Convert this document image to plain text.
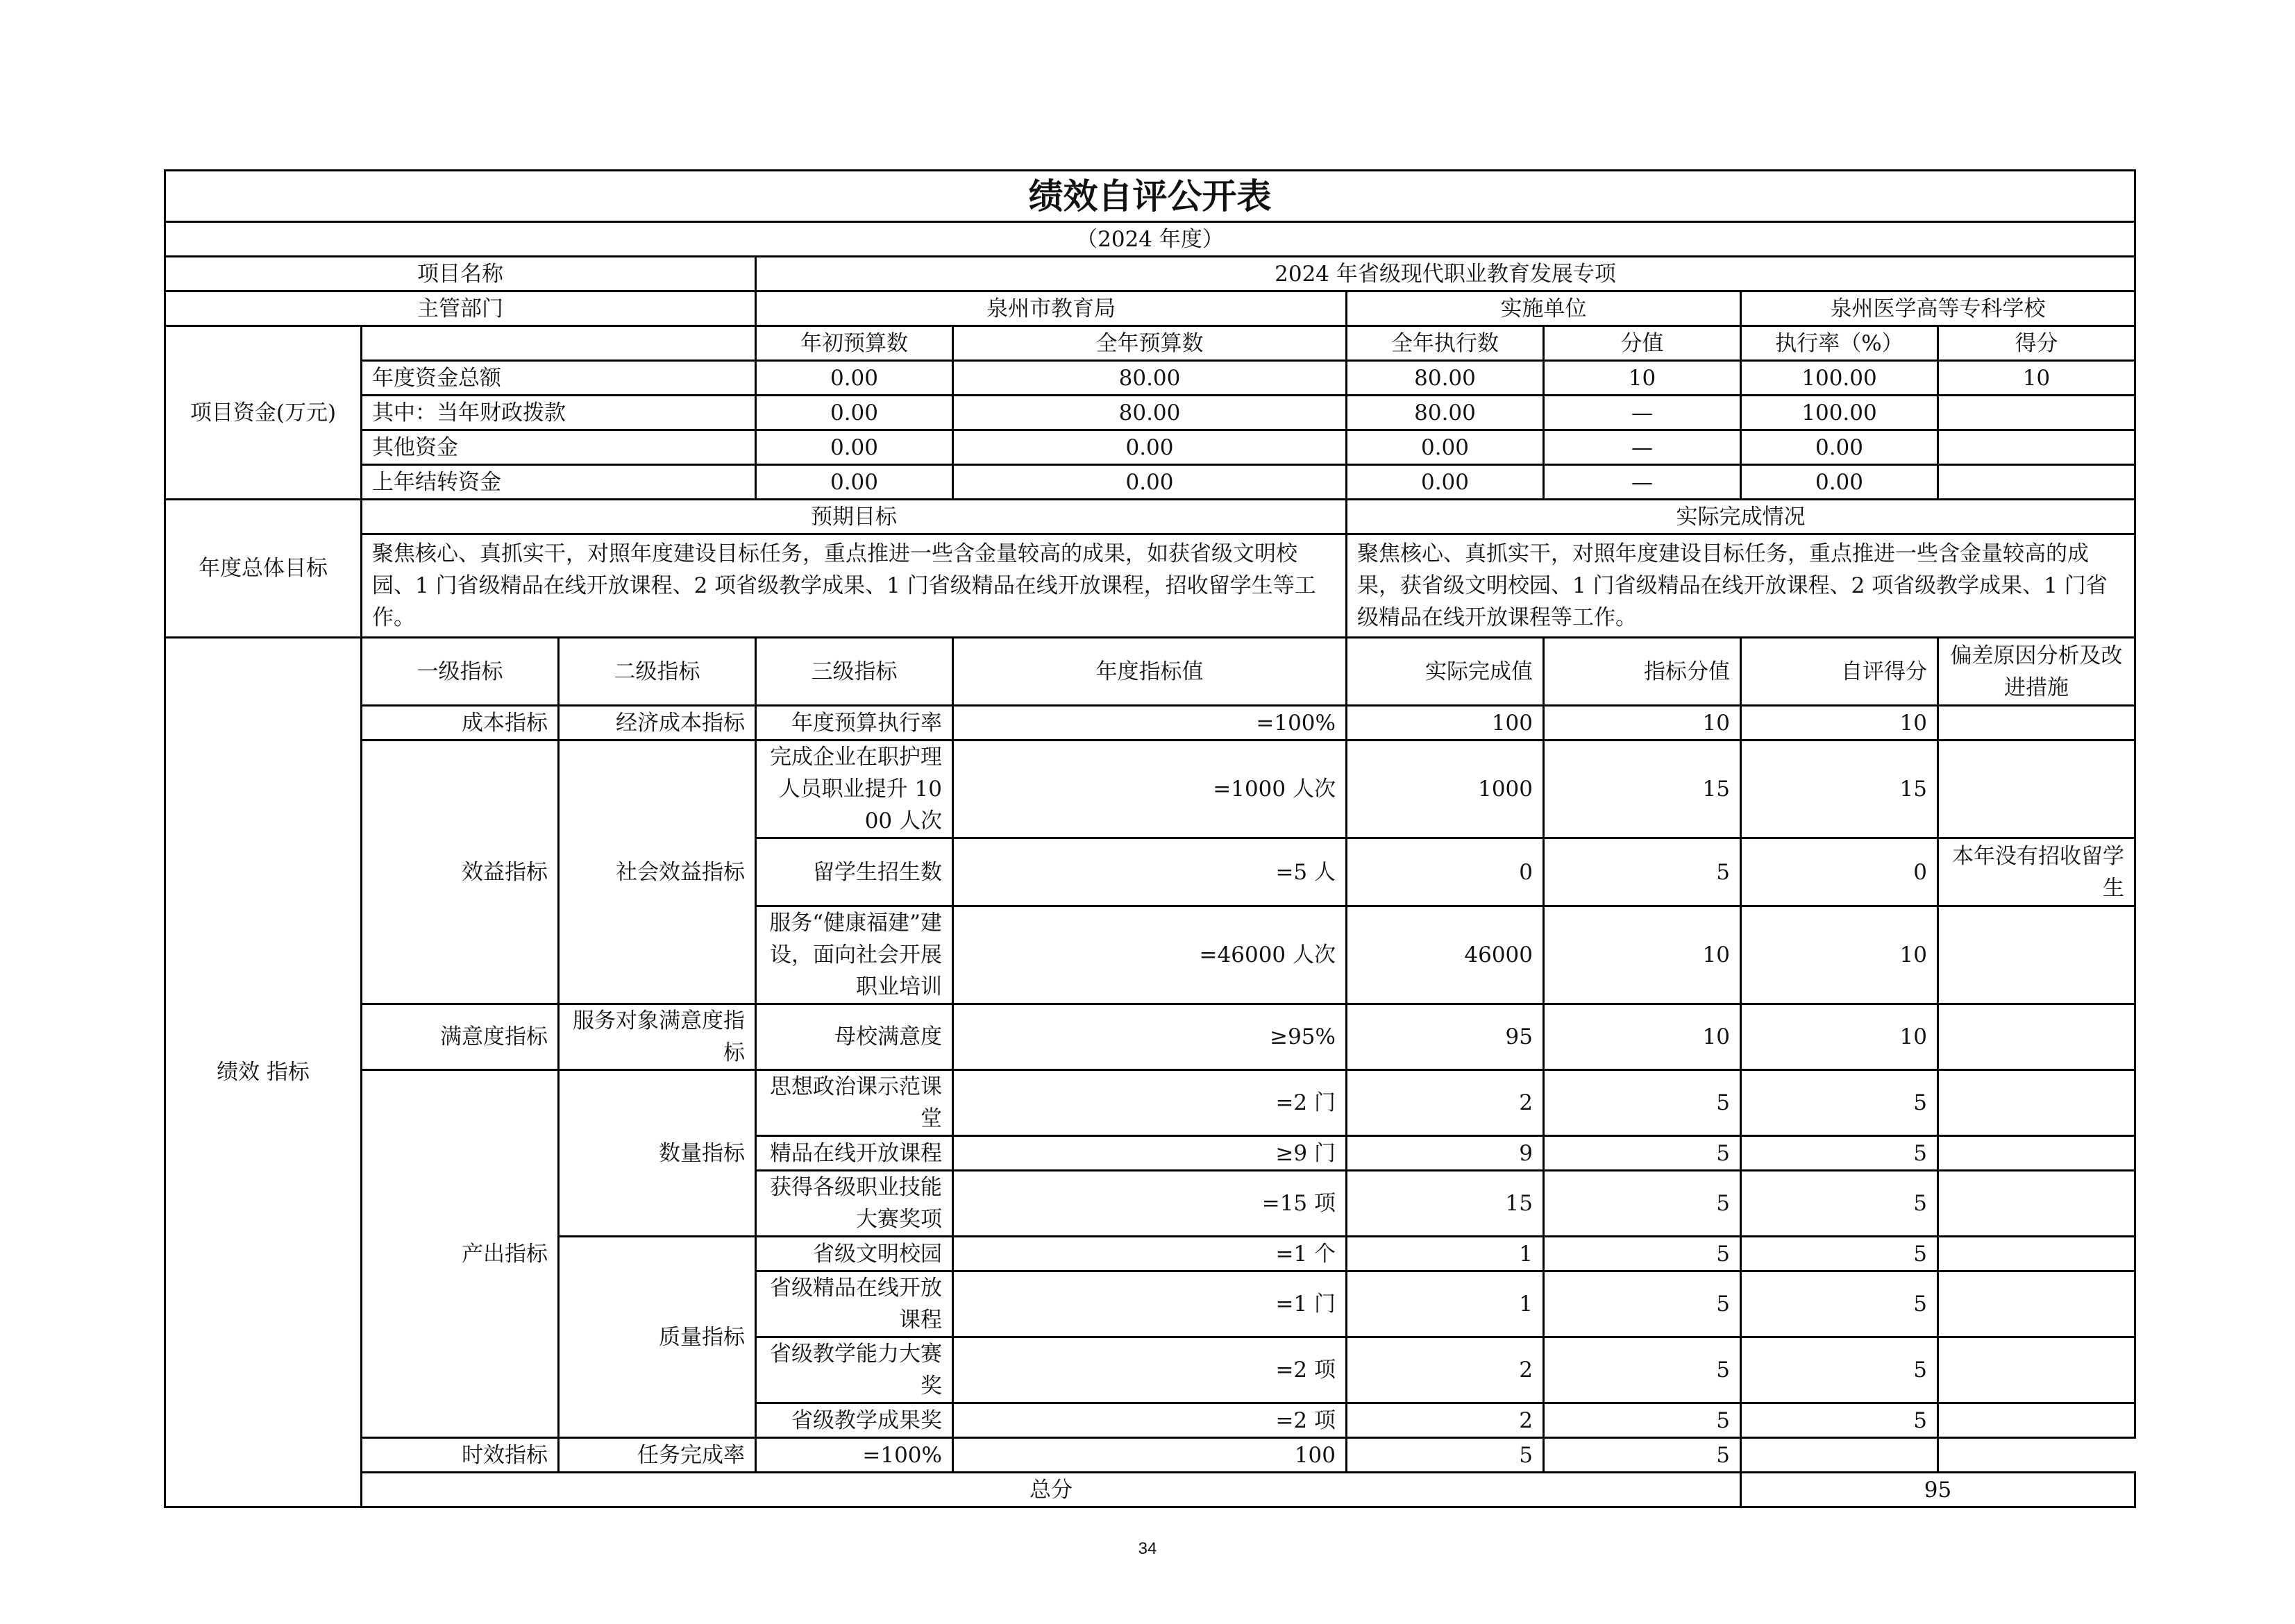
绩效自评公开表								
（2024 年度）								
项目名称			2024 年省级现代职业教育发展专项					
主管部门			泉州市教育局		实施单位		泉州医学高等专科学校	
项目资金(万元)			年初预算数	全年预算数	全年执行数	分值	执行率（%）	得分
	年度资金总额		0.00	80.00	80.00	10	100.00	10
	其中：当年财政拨款		0.00	80.00	80.00	—	100.00	
	其他资金		0.00	0.00	0.00	—	0.00	
	上年结转资金		0.00	0.00	0.00	—	0.00	
年度总体目标	预期目标				实际完成情况			
	聚焦核心、真抓实干，对照年度建设目标任务，重点推进一些含金量较高的成果，如获省级文明校园、1 门省级精品在线开放课程、2 项省级教学成果、1 门省级精品在线开放课程，招收留学生等工作。				聚焦核心、真抓实干，对照年度建设目标任务，重点推进一些含金量较高的成果，获省级文明校园、1 门省级精品在线开放课程、2 项省级教学成果、1 门省级精品在线开放课程等工作。			
绩效 指标	一级指标	二级指标	三级指标	年度指标值	实际完成值	指标分值	自评得分	偏差原因分析及改进措施
	成本指标	经济成本指标	年度预算执行率	=100%	100	10	10	
	效益指标	社会效益指标	完成企业在职护理人员职业提升 1000 人次	=1000 人次	1000	15	15	
			留学生招生数	=5 人	0	5	0	本年没有招收留学生
			服务“健康福建”建设，面向社会开展职业培训	=46000 人次	46000	10	10	
	满意度指标	服务对象满意度指标	母校满意度	≥95%	95	10	10	
	产出指标	数量指标	思想政治课示范课堂	=2 门	2	5	5	
			精品在线开放课程	≥9 门	9	5	5	
			获得各级职业技能大赛奖项	=15 项	15	5	5	
		质量指标	省级文明校园	=1 个	1	5	5	
			省级精品在线开放课程	=1 门	1	5	5	
			省级教学能力大赛奖	=2 项	2	5	5	
			省级教学成果奖	=2 项	2	5	5	
	时效指标	任务完成率	=100%	100	5	5		
	总分						95	
34
